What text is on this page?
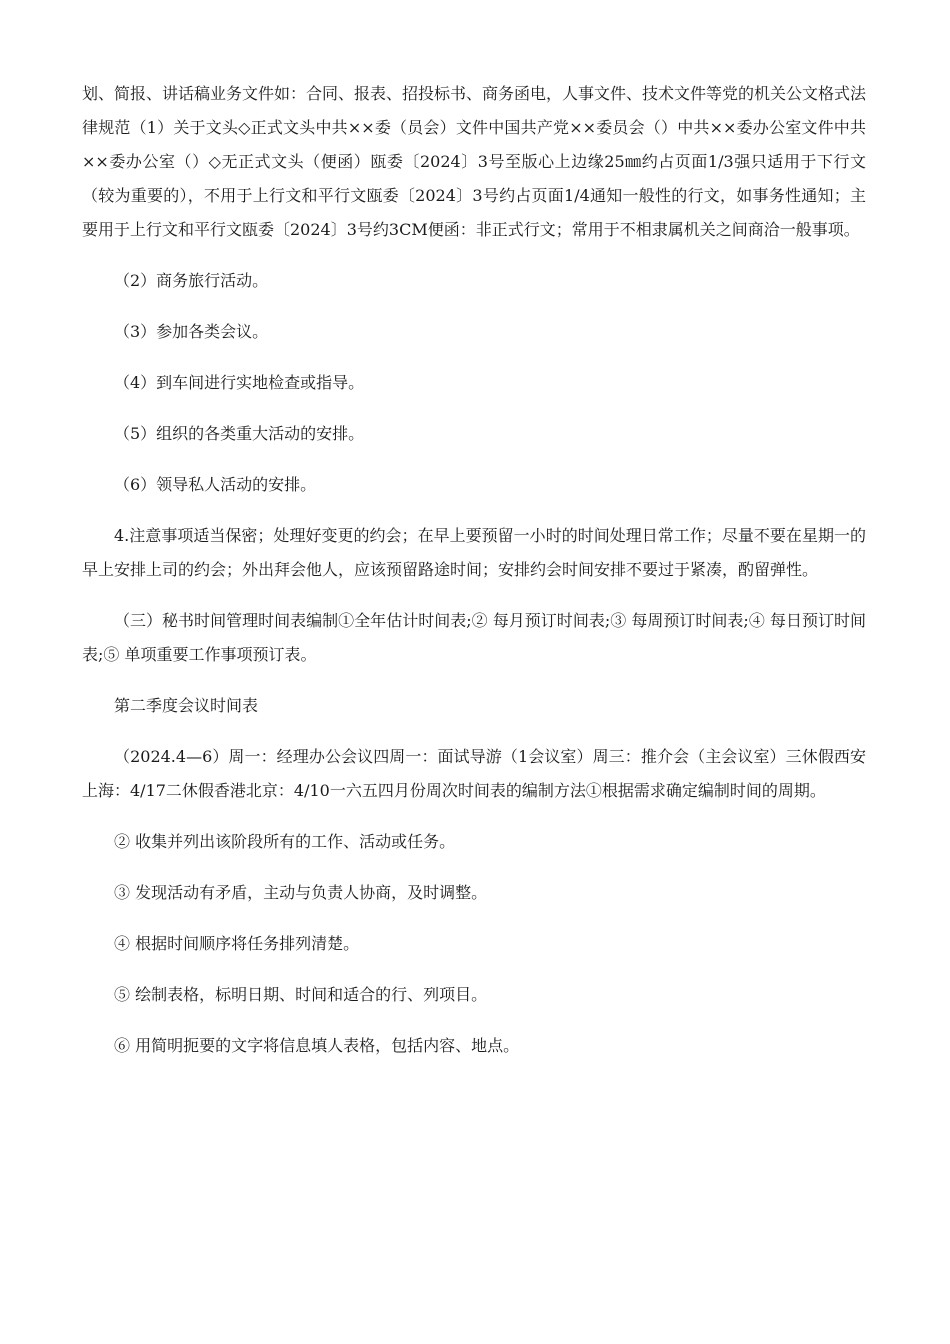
划、简报、讲话稿业务文件如：合同、报表、招投标书、商务函电，人事文件、技术文件等党的机关公文格式法律规范（1）关于文头◇正式文头中共××委（员会）文件中国共产党××委员会（）中共××委办公室文件中共××委办公室（）◇无正式文头（便函）瓯委〔2024〕3号至版心上边缘25㎜约占页面1/3强只适用于下行文（较为重要的），不用于上行文和平行文瓯委〔2024〕3号约占页面1/4通知一般性的行文，如事务性通知；主要用于上行文和平行文瓯委〔2024〕3号约3CM便函：非正式行文；常用于不相隶属机关之间商洽一般事项。

（2）商务旅行活动。

（3）参加各类会议。

（4）到车间进行实地检查或指导。

（5）组织的各类重大活动的安排。

（6）领导私人活动的安排。

4.注意事项适当保密；处理好变更的约会；在早上要预留一小时的时间处理日常工作；尽量不要在星期一的早上安排上司的约会；外出拜会他人，应该预留路途时间；安排约会时间安排不要过于紧凑，酌留弹性。

（三）秘书时间管理时间表编制①全年估计时间表;② 每月预订时间表;③ 每周预订时间表;④ 每日预订时间表;⑤ 单项重要工作事项预订表。

第二季度会议时间表

（2024.4—6）周一：经理办公会议四周一：面试导游（1会议室）周三：推介会（主会议室）三休假西安上海：4/17二休假香港北京：4/10一六五四月份周次时间表的编制方法①根据需求确定编制时间的周期。

② 收集并列出该阶段所有的工作、活动或任务。

③ 发现活动有矛盾，主动与负责人协商，及时调整。

④ 根据时间顺序将任务排列清楚。

⑤ 绘制表格，标明日期、时间和适合的行、列项目。

⑥ 用简明扼要的文字将信息填人表格，包括内容、地点。
